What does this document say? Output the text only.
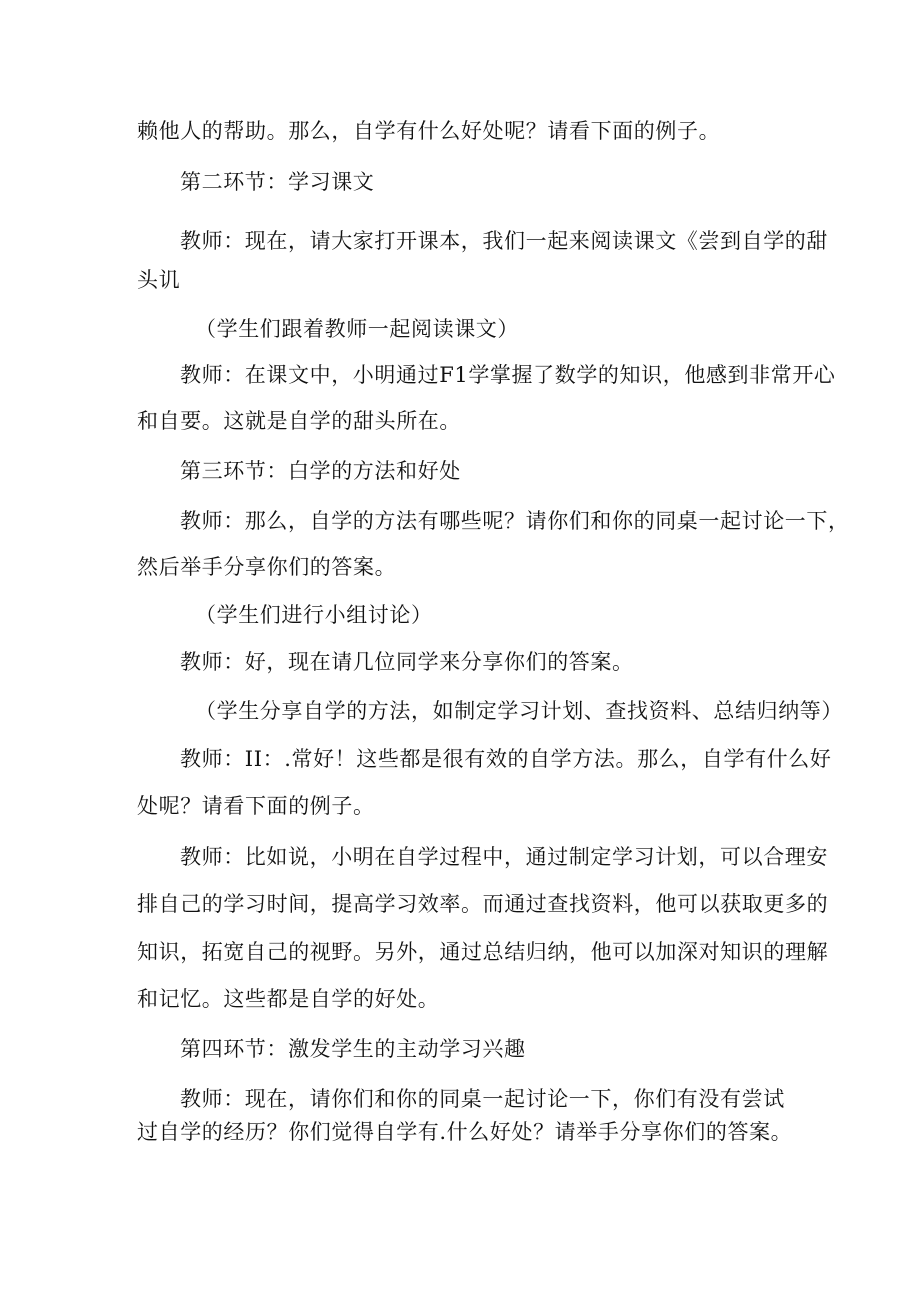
赖他人的帮助。那么，自学有什么好处呢？请看下面的例子。
第二环节：学习课文
教师：现在，请大家打开课本，我们一起来阅读课文《尝到自学的甜
头讥
（学生们跟着教师一起阅读课文）
教师：在课文中，小明通过F1学掌握了数学的知识，他感到非常开心
和自要。这就是自学的甜头所在。
第三环节：白学的方法和好处
教师：那么，自学的方法有哪些呢？请你们和你的同桌一起讨论一下，
然后举手分享你们的答案。
（学生们进行小组讨论）
教师：好，现在请几位同学来分享你们的答案。
（学生分享自学的方法，如制定学习计划、查找资料、总结归纳等）
教师：II：.常好！这些都是很有效的自学方法。那么，自学有什么好
处呢？请看下面的例子。
教师：比如说，小明在自学过程中，通过制定学习计划，可以合理安
排自己的学习时间，提高学习效率。而通过查找资料，他可以获取更多的
知识，拓宽自己的视野。另外，通过总结归纳，他可以加深对知识的理解
和记忆。这些都是自学的好处。
第四环节：激发学生的主动学习兴趣
教师：现在，请你们和你的同桌一起讨论一下，你们有没有尝试
过自学的经历？你们觉得自学有.什么好处？请举手分享你们的答案。
